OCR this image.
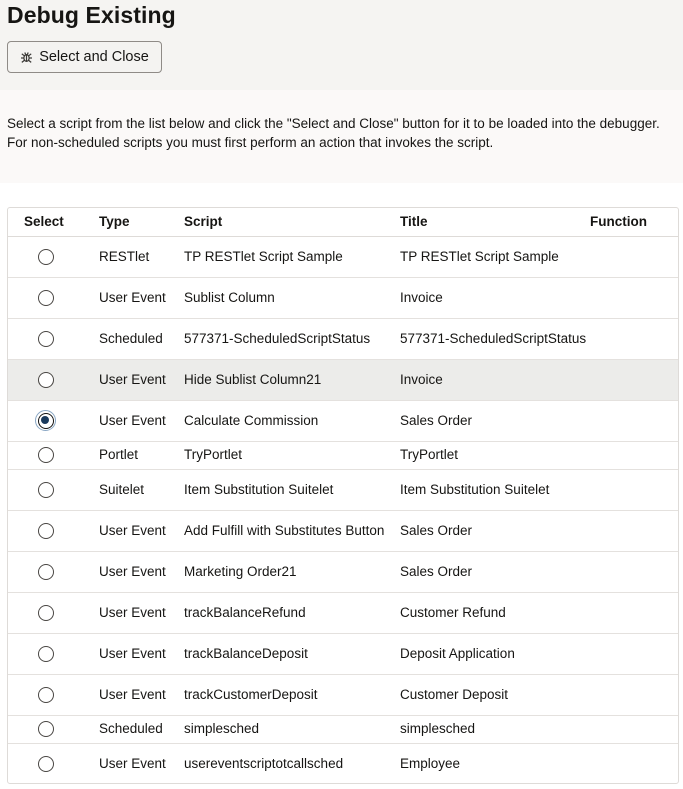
Debug Existing
Select and Close

Select a script from the list below and click the "Select and Close" button for it to be loaded into the debugger. For non-scheduled scripts you must first perform an action that invokes the script.

Select	Type	Script	Title	Function
	RESTlet	TP RESTlet Script Sample	TP RESTlet Script Sample	
	User Event	Sublist Column	Invoice	
	Scheduled	577371-ScheduledScriptStatus	577371-ScheduledScriptStatus	
	User Event	Hide Sublist Column21	Invoice	
	User Event	Calculate Commission	Sales Order	
	Portlet	TryPortlet	TryPortlet	
	Suitelet	Item Substitution Suitelet	Item Substitution Suitelet	
	User Event	Add Fulfill with Substitutes Button	Sales Order	
	User Event	Marketing Order21	Sales Order	
	User Event	trackBalanceRefund	Customer Refund	
	User Event	trackBalanceDeposit	Deposit Application	
	User Event	trackCustomerDeposit	Customer Deposit	
	Scheduled	simplesched	simplesched	
	User Event	usereventscriptotcallsched	Employee	
